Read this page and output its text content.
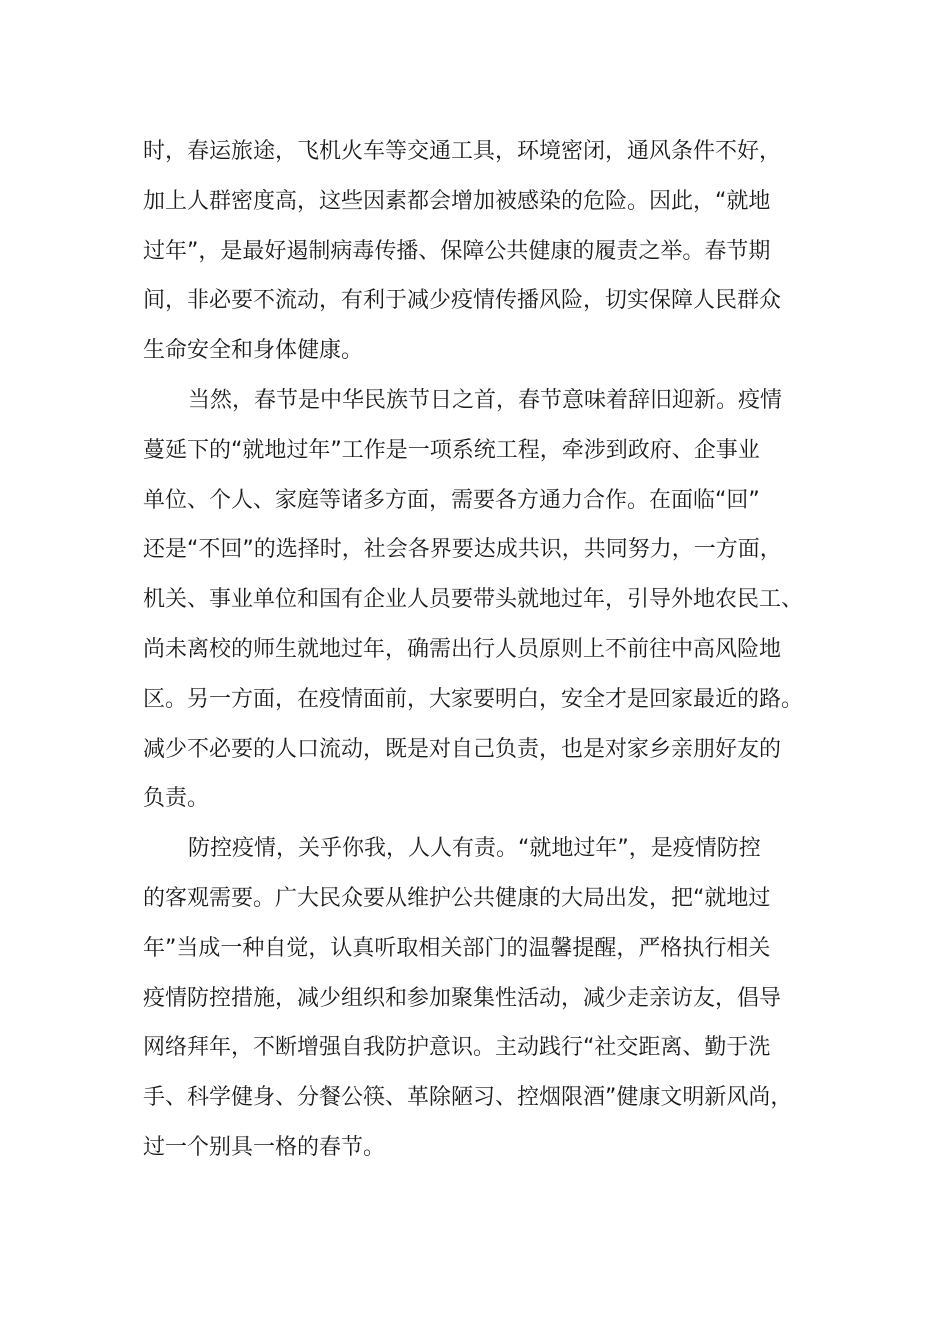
时，春运旅途，飞机火车等交通工具，环境密闭，通风条件不好，
加上人群密度高，这些因素都会增加被感染的危险。因此，“就地
过年”，是最好遏制病毒传播、保障公共健康的履责之举。春节期
间，非必要不流动，有利于减少疫情传播风险，切实保障人民群众
生命安全和身体健康。
当然，春节是中华民族节日之首，春节意味着辞旧迎新。疫情
蔓延下的“就地过年”工作是一项系统工程，牵涉到政府、企事业
单位、个人、家庭等诸多方面，需要各方通力合作。在面临“回”
还是“不回”的选择时，社会各界要达成共识，共同努力，一方面，
机关、事业单位和国有企业人员要带头就地过年，引导外地农民工、
尚未离校的师生就地过年，确需出行人员原则上不前往中高风险地
区。另一方面，在疫情面前，大家要明白，安全才是回家最近的路。
减少不必要的人口流动，既是对自己负责，也是对家乡亲朋好友的
负责。
防控疫情，关乎你我，人人有责。“就地过年”，是疫情防控
的客观需要。广大民众要从维护公共健康的大局出发，把“就地过
年”当成一种自觉，认真听取相关部门的温馨提醒，严格执行相关
疫情防控措施，减少组织和参加聚集性活动，减少走亲访友，倡导
网络拜年，不断增强自我防护意识。主动践行“社交距离、勤于洗
手、科学健身、分餐公筷、革除陋习、控烟限酒”健康文明新风尚，
过一个别具一格的春节。
